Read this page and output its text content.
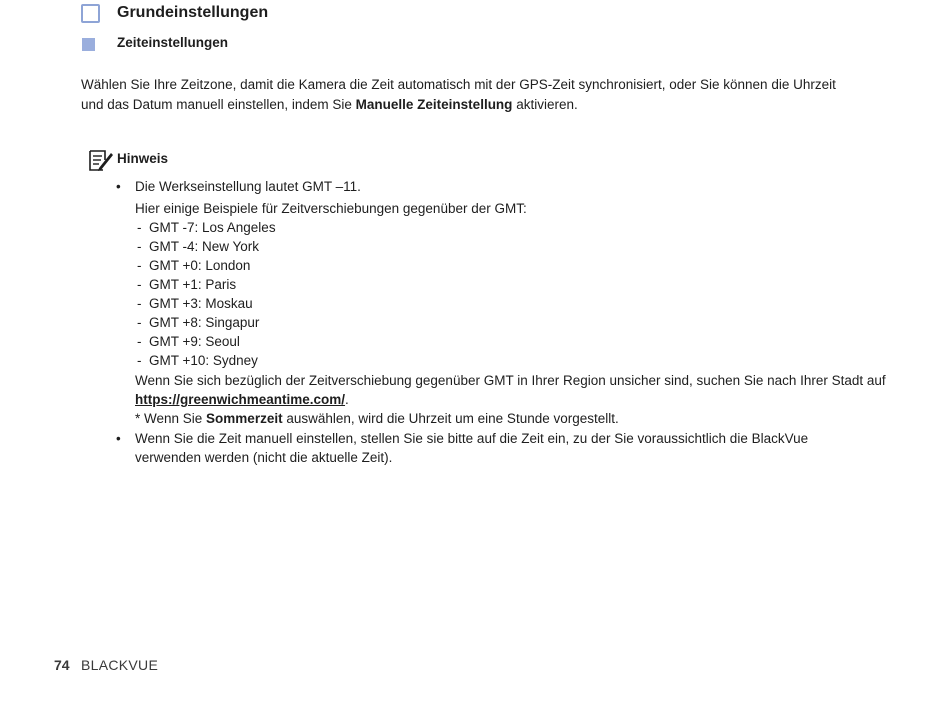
Grundeinstellungen
Zeiteinstellungen
Wählen Sie Ihre Zeitzone, damit die Kamera die Zeit automatisch mit der GPS-Zeit synchronisiert, oder Sie können die Uhrzeit und das Datum manuell einstellen, indem Sie Manuelle Zeiteinstellung aktivieren.
Hinweis
• Die Werkseinstellung lautet GMT –11.
Hier einige Beispiele für Zeitverschiebungen gegenüber der GMT:
- GMT -7: Los Angeles
- GMT -4: New York
- GMT +0: London
- GMT +1: Paris
- GMT +3: Moskau
- GMT +8: Singapur
- GMT +9: Seoul
- GMT +10: Sydney
Wenn Sie sich bezüglich der Zeitverschiebung gegenüber GMT in Ihrer Region unsicher sind, suchen Sie nach Ihrer Stadt auf
https://greenwichmeantime.com/.
* Wenn Sie Sommerzeit auswählen, wird die Uhrzeit um eine Stunde vorgestellt.
• Wenn Sie die Zeit manuell einstellen, stellen Sie sie bitte auf die Zeit ein, zu der Sie voraussichtlich die BlackVue verwenden werden (nicht die aktuelle Zeit).
74 BLACKVUE
